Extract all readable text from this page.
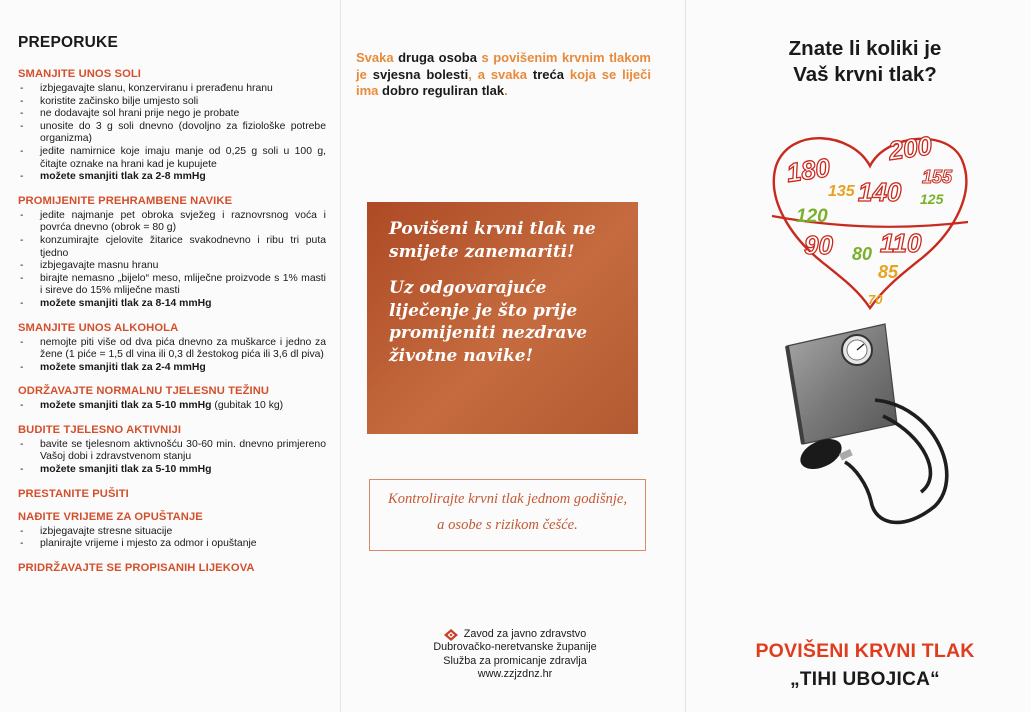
PREPORUKE
SMANJITE UNOS SOLI
- izbjegavajte slanu, konzerviranu i prerađenu hranu
- koristite začinsko bilje umjesto soli
- ne dodavajte sol hrani prije nego je probate
- unosite do 3 g soli dnevno (dovoljno za fiziološke potrebe organizma)
- jedite namirnice koje imaju manje od 0,25 g soli u 100 g, čitajte oznake na hrani kad je kupujete
- možete smanjiti tlak za 2-8 mmHg
PROMIJENITE PREHRAMBENE NAVIKE
- jedite najmanje pet obroka svježeg i raznovrsnog voća i povrća dnevno (obrok = 80 g)
- konzumirajte cjelovite žitarice svakodnevno i ribu tri puta tjedno
- izbjegavajte masnu hranu
- birajte nemasno „bijelo“ meso, mliječne proizvode s 1% masti i sireve do 15% mliječne masti
- možete smanjiti tlak za 8-14 mmHg
SMANJITE UNOS ALKOHOLA
- nemojte piti više od dva pića dnevno za muškarce i jedno za žene (1 piće = 1,5 dl vina ili 0,3 dl žestokog pića ili 3,6 dl piva)
- možete smanjiti tlak za 2-4 mmHg
ODRŽAVAJTE NORMALNU TJELESNU TEŽINU
- možete smanjiti tlak za 5-10 mmHg (gubitak 10 kg)
BUDITE TJELESNO AKTIVNIJI
- bavite se tjelesnom aktivnošću 30-60 min. dnevno primjereno Vašoj dobi i zdravstvenom stanju
- možete smanjiti tlak za 5-10 mmHg
PRESTANITE PUŠITI
NAĐITE VRIJEME ZA OPUŠTANJE
- izbjegavajte stresne situacije
- planirajte vrijeme i mjesto za odmor i opuštanje
PRIDRŽAVAJTE SE PROPISANIH LIJEKOVA

Svaka druga osoba s povišenim krvnim tlakom je svjesna bolesti, a svaka treća koja se liječi ima dobro reguliran tlak.

Povišeni krvni tlak ne smijete zanemariti!

Uz odgovarajuće liječenje je što prije promijeniti nezdrave životne navike!

Kontrolirajte krvni tlak jednom godišnje, a osobe s rizikom češće.

Zavod za javno zdravstvo
Dubrovačko-neretvanske županije
Služba za promicanje zdravlja
www.zzjzdnz.hr
Znate li koliki je
Vaš krvni tlak?
180
200
135 140 155
120
125
90 80 110
85
70
POVIŠENI KRVNI TLAK
„TIHI UBOJICA“
